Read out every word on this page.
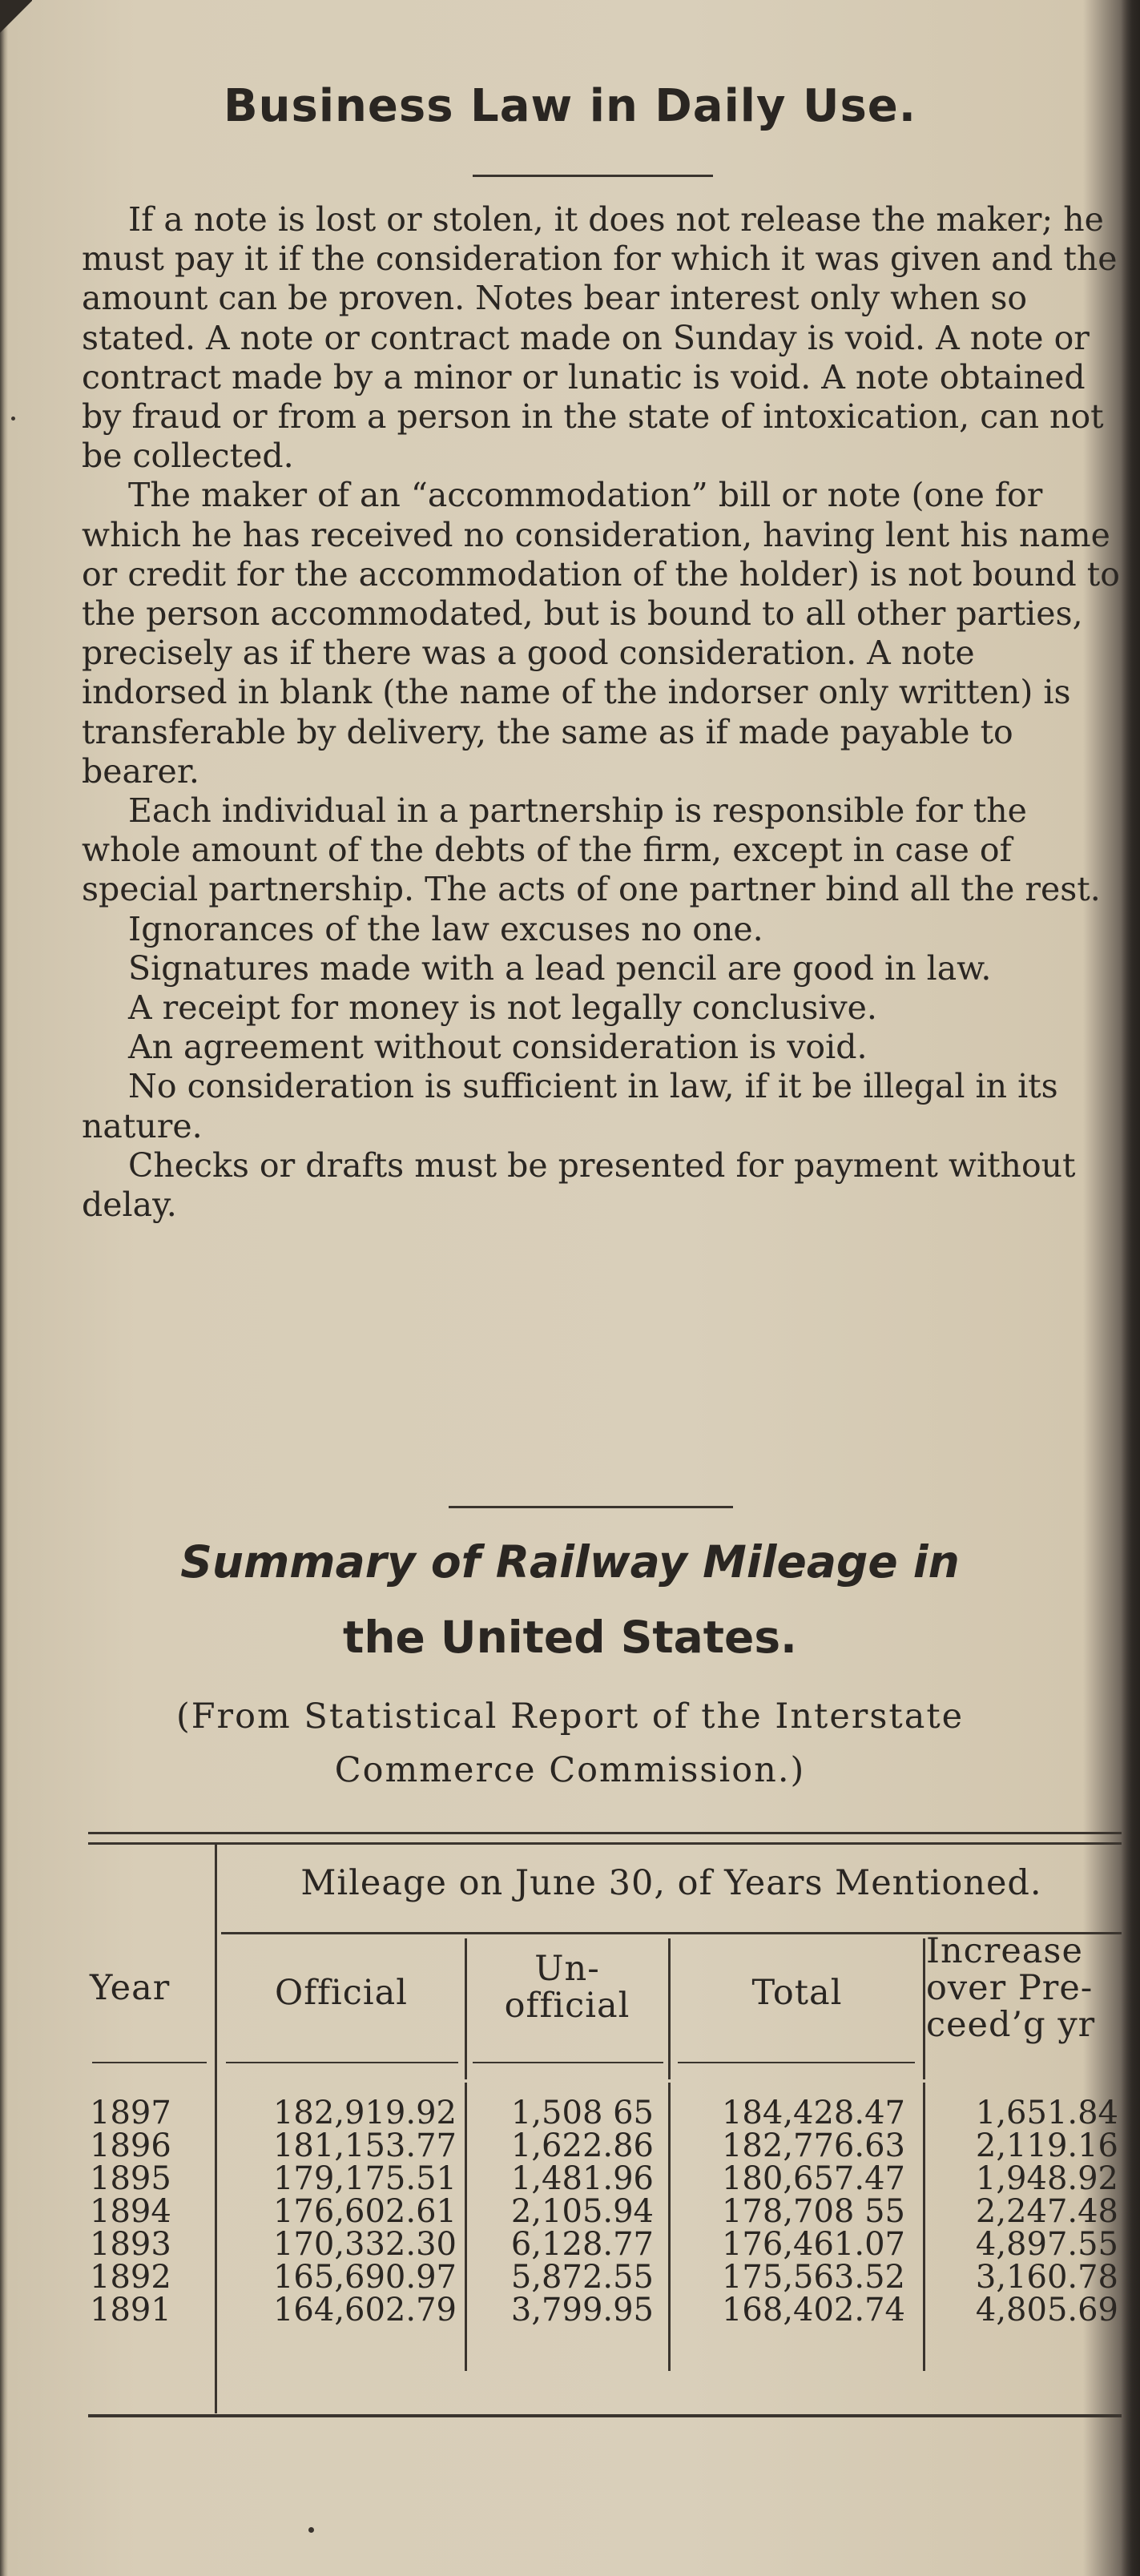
Business Law in Daily Use.

If a note is lost or stolen, it does not release the maker; he must pay it if the consideration for which it was given and the amount can be proven. Notes bear interest only when so stated. A note or contract made on Sunday is void. A note or contract made by a minor or lunatic is void. A note obtained by fraud or from a person in the state of intoxication, can not be collected.

The maker of an “accommodation” bill or note (one for which he has received no consideration, having lent his name or credit for the accommodation of the holder) is not bound to the person accommodated, but is bound to all other parties, precisely as if there was a good consideration. A note indorsed in blank (the name of the indorser only written) is transferable by delivery, the same as if made payable to bearer.

Each individual in a partnership is responsible for the whole amount of the debts of the firm, except in case of special partnership. The acts of one partner bind all the rest.

Ignorances of the law excuses no one.

Signatures made with a lead pencil are good in law.

A receipt for money is not legally conclusive.

An agreement without consideration is void.

No consideration is sufficient in law, if it be illegal in its nature.

Checks or drafts must be presented for payment without delay.

Summary of Railway Mileage in
the United States.
(From Statistical Report of the Interstate
Commerce Commission.)
Mileage on June 30, of Years Mentioned.

Year	Official
Un-
official	Total
Increase
over Pre-
ceed’g yr
1897	182,919.92	1,508 65	184,428.47	1,651.84
1896	181,153.77	1,622.86	182,776.63	2,119.16
1895	179,175.51	1,481.96	180,657.47	1,948.92
1894	176,602.61	2,105.94	178,708 55	2,247.48
1893	170,332.30	6,128.77	176,461.07	4,897.55
1892	165,690.97	5,872.55	175,563.52	3,160.78
1891	164,602.79	3,799.95	168,402.74	4,805.69
